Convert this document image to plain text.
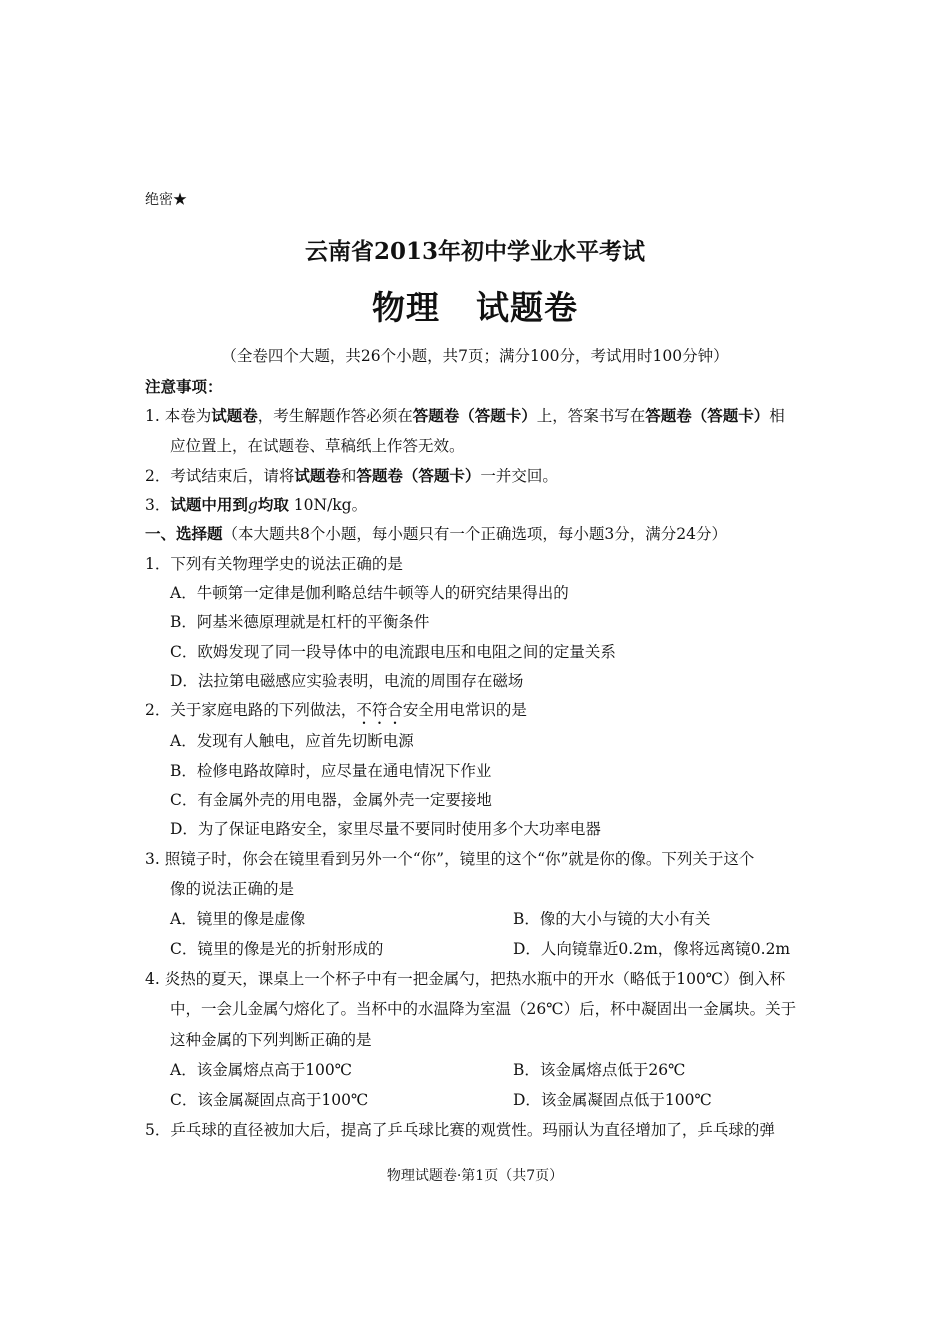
绝密★
云南省2013年初中学业水平考试
物理 试题卷
（全卷四个大题，共26个小题，共7页；满分100分，考试用时100分钟）
注意事项：
1. 本卷为试题卷，考生解题作答必须在答题卷（答题卡）上，答案书写在答题卷（答题卡）相
应位置上，在试题卷、草稿纸上作答无效。
2．考试结束后，请将试题卷和答题卷（答题卡）一并交回。
3．试题中用到g均取 10N/kg。
一、选择题（本大题共8个小题，每小题只有一个正确选项，每小题3分，满分24分）
1．下列有关物理学史的说法正确的是
A．牛顿第一定律是伽利略总结牛顿等人的研究结果得出的
B．阿基米德原理就是杠杆的平衡条件
C．欧姆发现了同一段导体中的电流跟电压和电阻之间的定量关系
D．法拉第电磁感应实验表明，电流的周围存在磁场
2．关于家庭电路的下列做法，不符合安全用电常识的是
A．发现有人触电，应首先切断电源
B．检修电路故障时，应尽量在通电情况下作业
C．有金属外壳的用电器，金属外壳一定要接地
D．为了保证电路安全，家里尽量不要同时使用多个大功率电器
3. 照镜子时，你会在镜里看到另外一个“你”，镜里的这个“你”就是你的像。下列关于这个
像的说法正确的是
A．镜里的像是虚像	B．像的大小与镜的大小有关
C．镜里的像是光的折射形成的	D．人向镜靠近0.2m，像将远离镜0.2m
4. 炎热的夏天，课桌上一个杯子中有一把金属勺，把热水瓶中的开水（略低于100℃）倒入杯
中，一会儿金属勺熔化了。当杯中的水温降为室温（26℃）后，杯中凝固出一金属块。关于
这种金属的下列判断正确的是
A．该金属熔点高于100℃	B．该金属熔点低于26℃
C．该金属凝固点高于100℃	D．该金属凝固点低于100℃
5．乒乓球的直径被加大后，提高了乒乓球比赛的观赏性。玛丽认为直径增加了，乒乓球的弹
物理试题卷·第1页（共7页）
